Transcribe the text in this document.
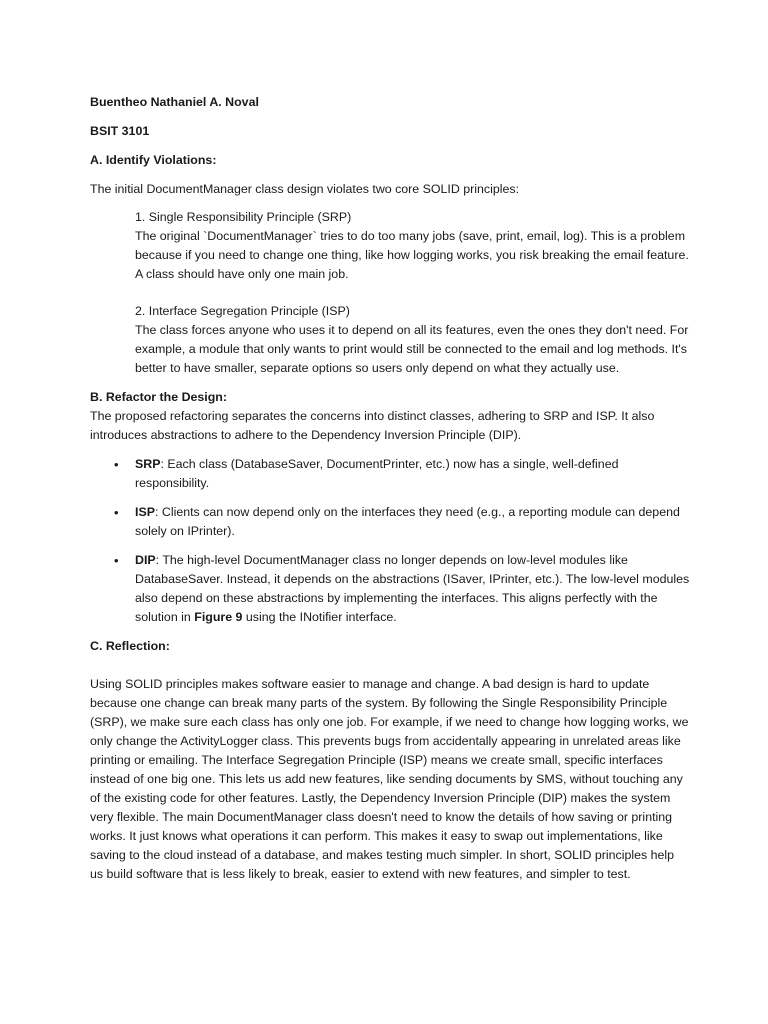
Buentheo Nathaniel A. Noval

BSIT 3101

A. Identify Violations:

The initial DocumentManager class design violates two core SOLID principles:

1. Single Responsibility Principle (SRP)

The original `DocumentManager` tries to do too many jobs (save, print, email, log). This is a problem because if you need to change one thing, like how logging works, you risk breaking the email feature. A class should have only one main job.

2. Interface Segregation Principle (ISP)

The class forces anyone who uses it to depend on all its features, even the ones they don't need. For example, a module that only wants to print would still be connected to the email and log methods. It's better to have smaller, separate options so users only depend on what they actually use.

B. Refactor the Design:

The proposed refactoring separates the concerns into distinct classes, adhering to SRP and ISP. It also introduces abstractions to adhere to the Dependency Inversion Principle (DIP).

• SRP: Each class (DatabaseSaver, DocumentPrinter, etc.) now has a single, well-defined responsibility.
• ISP: Clients can now depend only on the interfaces they need (e.g., a reporting module can depend solely on IPrinter).
• DIP: The high-level DocumentManager class no longer depends on low-level modules like DatabaseSaver. Instead, it depends on the abstractions (ISaver, IPrinter, etc.). The low-level modules also depend on these abstractions by implementing the interfaces. This aligns perfectly with the solution in Figure 9 using the INotifier interface.

C. Reflection:

Using SOLID principles makes software easier to manage and change. A bad design is hard to update because one change can break many parts of the system. By following the Single Responsibility Principle (SRP), we make sure each class has only one job. For example, if we need to change how logging works, we only change the ActivityLogger class. This prevents bugs from accidentally appearing in unrelated areas like printing or emailing. The Interface Segregation Principle (ISP) means we create small, specific interfaces instead of one big one. This lets us add new features, like sending documents by SMS, without touching any of the existing code for other features. Lastly, the Dependency Inversion Principle (DIP) makes the system very flexible. The main DocumentManager class doesn't need to know the details of how saving or printing works. It just knows what operations it can perform. This makes it easy to swap out implementations, like saving to the cloud instead of a database, and makes testing much simpler. In short, SOLID principles help us build software that is less likely to break, easier to extend with new features, and simpler to test.
